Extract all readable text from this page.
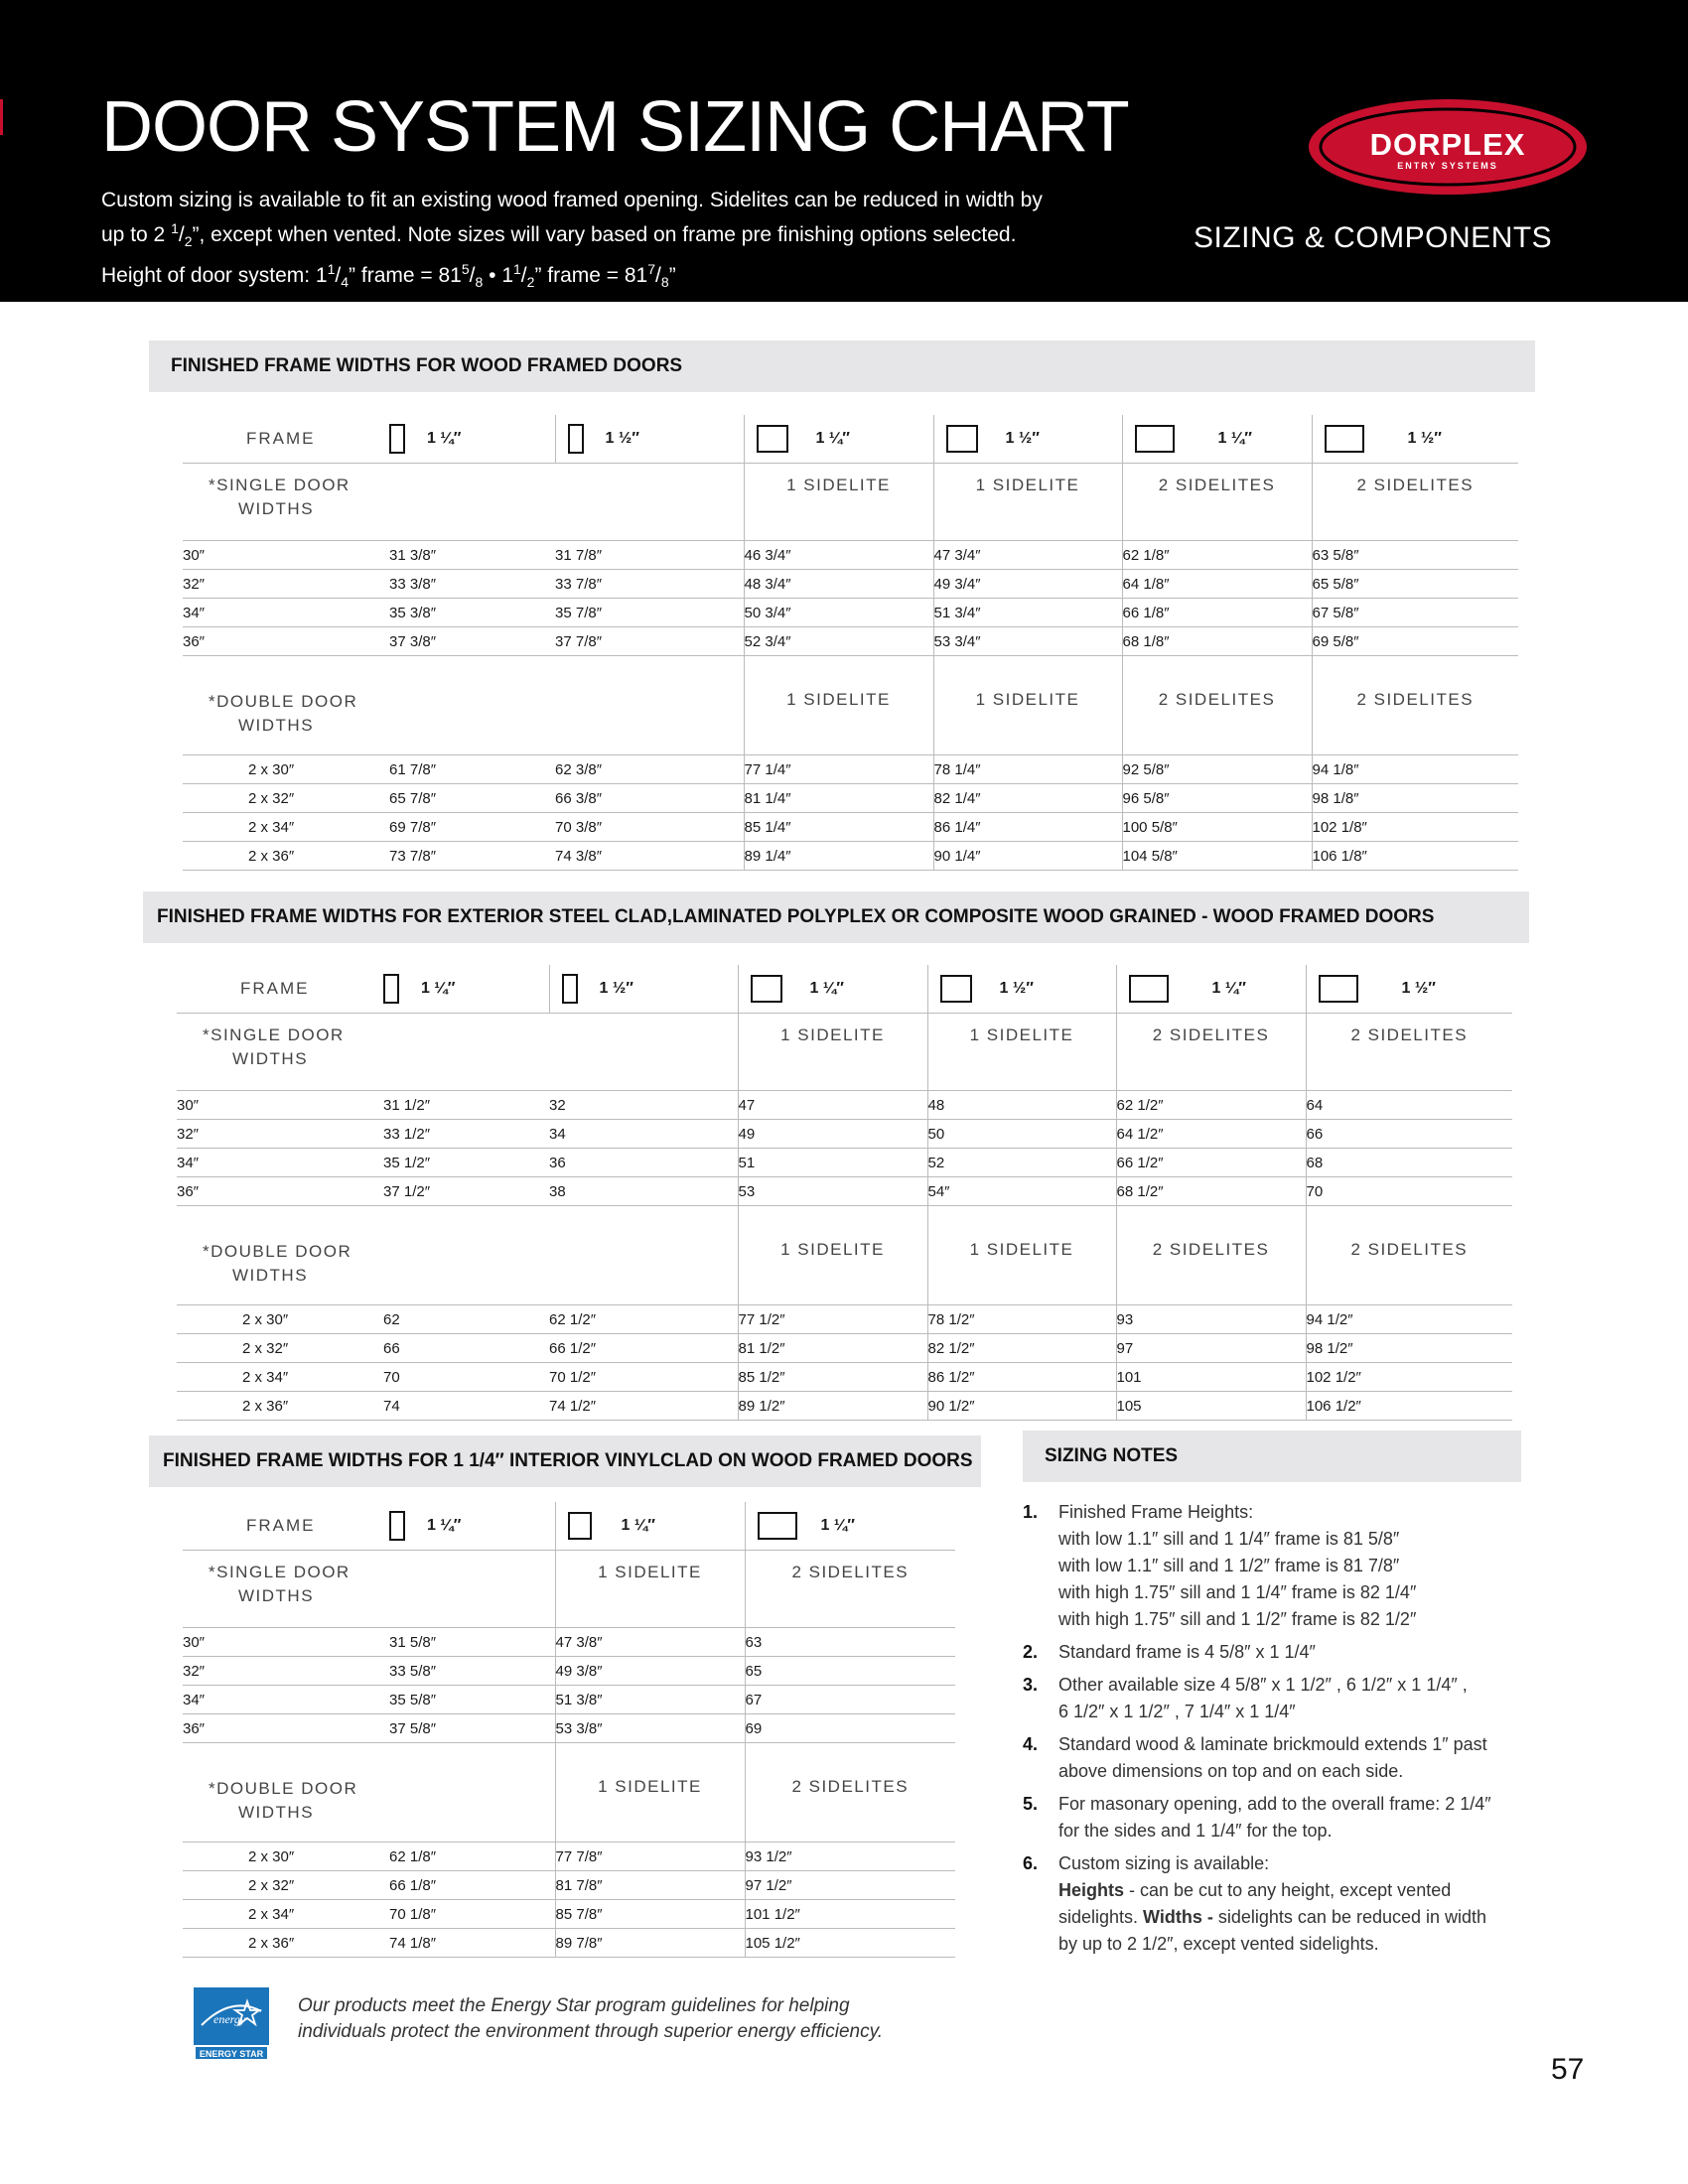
DOOR SYSTEM SIZING CHART
Custom sizing is available to fit an existing wood framed opening. Sidelites can be reduced in width by
up to 2 $^1/_2$”, except when vented. Note sizes will vary based on frame pre finishing options selected.
Height of door system: $1^1/_4$” frame = $81^5/_8$ • $1^1/_2$” frame = $81^7/_8$”
DORPLEX
ENTRY SYSTEMS
SIZING & COMPONENTS
FINISHED FRAME WIDTHS FOR WOOD FRAMED DOORS
FRAME	1 ¼″	1 ½″	1 ¼″	1 ½″	1 ¼″	1 ½″

*SINGLE DOOR
WIDTHS			1 SIDELITE	1 SIDELITE	2 SIDELITES	2 SIDELITES
30″	31 3/8″	31 7/8″	46 3/4″	47 3/4″	62 1/8″	63 5/8″
32″	33 3/8″	33 7/8″	48 3/4″	49 3/4″	64 1/8″	65 5/8″
34″	35 3/8″	35 7/8″	50 3/4″	51 3/4″	66 1/8″	67 5/8″
36″	37 3/8″	37 7/8″	52 3/4″	53 3/4″	68 1/8″	69 5/8″

*DOUBLE DOOR
WIDTHS			1 SIDELITE	1 SIDELITE	2 SIDELITES	2 SIDELITES
2 x 30″	61 7/8″	62 3/8″	77 1/4″	78 1/4″	92 5/8″	94 1/8″
2 x 32″	65 7/8″	66 3/8″	81 1/4″	82 1/4″	96 5/8″	98 1/8″
2 x 34″	69 7/8″	70 3/8″	85 1/4″	86 1/4″	100 5/8″	102 1/8″
2 x 36″	73 7/8″	74 3/8″	89 1/4″	90 1/4″	104 5/8″	106 1/8″
FINISHED FRAME WIDTHS FOR EXTERIOR STEEL CLAD,LAMINATED POLYPLEX OR COMPOSITE WOOD GRAINED - WOOD FRAMED DOORS
FRAME	1 ¼″	1 ½″	1 ¼″	1 ½″	1 ¼″	1 ½″

*SINGLE DOOR
WIDTHS			1 SIDELITE	1 SIDELITE	2 SIDELITES	2 SIDELITES
30″	31 1/2″	32	47	48	62 1/2″	64
32″	33 1/2″	34	49	50	64 1/2″	66
34″	35 1/2″	36	51	52	66 1/2″	68
36″	37 1/2″	38	53	54″	68 1/2″	70

*DOUBLE DOOR
WIDTHS			1 SIDELITE	1 SIDELITE	2 SIDELITES	2 SIDELITES
2 x 30″	62	62 1/2″	77 1/2″	78 1/2″	93	94 1/2″
2 x 32″	66	66 1/2″	81 1/2″	82 1/2″	97	98 1/2″
2 x 34″	70	70 1/2″	85 1/2″	86 1/2″	101	102 1/2″
2 x 36″	74	74 1/2″	89 1/2″	90 1/2″	105	106 1/2″
FINISHED FRAME WIDTHS FOR 1 1/4″ INTERIOR VINYLCLAD ON WOOD FRAMED DOORS
FRAME	1 ¼″	1 ¼″	1 ¼″

*SINGLE DOOR
WIDTHS		1 SIDELITE	2 SIDELITES
30″	31 5/8″	47 3/8″	63
32″	33 5/8″	49 3/8″	65
34″	35 5/8″	51 3/8″	67
36″	37 5/8″	53 3/8″	69

*DOUBLE DOOR
WIDTHS		1 SIDELITE	2 SIDELITES
2 x 30″	62 1/8″	77 7/8″	93 1/2″
2 x 32″	66 1/8″	81 7/8″	97 1/2″
2 x 34″	70 1/8″	85 7/8″	101 1/2″
2 x 36″	74 1/8″	89 7/8″	105 1/2″
SIZING NOTES
1.	Finished Frame Heights:
with low 1.1″ sill and 1 1/4″ frame is 81 5/8″
with low 1.1″ sill and 1 1/2″ frame is 81 7/8″
with high 1.75″ sill and 1 1/4″ frame is 82 1/4″
with high 1.75″ sill and 1 1/2″ frame is 82 1/2″
2.	Standard frame is 4 5/8″ x 1 1/4″
3.	Other available size 4 5/8″ x 1 1/2″ , 6 1/2″ x 1 1/4″ ,
6 1/2″ x 1 1/2″ , 7 1/4″ x 1 1/4″
4.	Standard wood & laminate brickmould extends 1″ past
above dimensions on top and on each side.
5.	For masonary opening, add to the overall frame: 2 1/4″
for the sides and 1 1/4″ for the top.
6.	Custom sizing is available:
Heights - can be cut to any height, except vented
sidelights. Widths - sidelights can be reduced in width
by up to 2 1/2″, except vented sidelights.
energy
ENERGY STAR
Our products meet the Energy Star program guidelines for helping
individuals protect the environment through superior energy efficiency.
57
